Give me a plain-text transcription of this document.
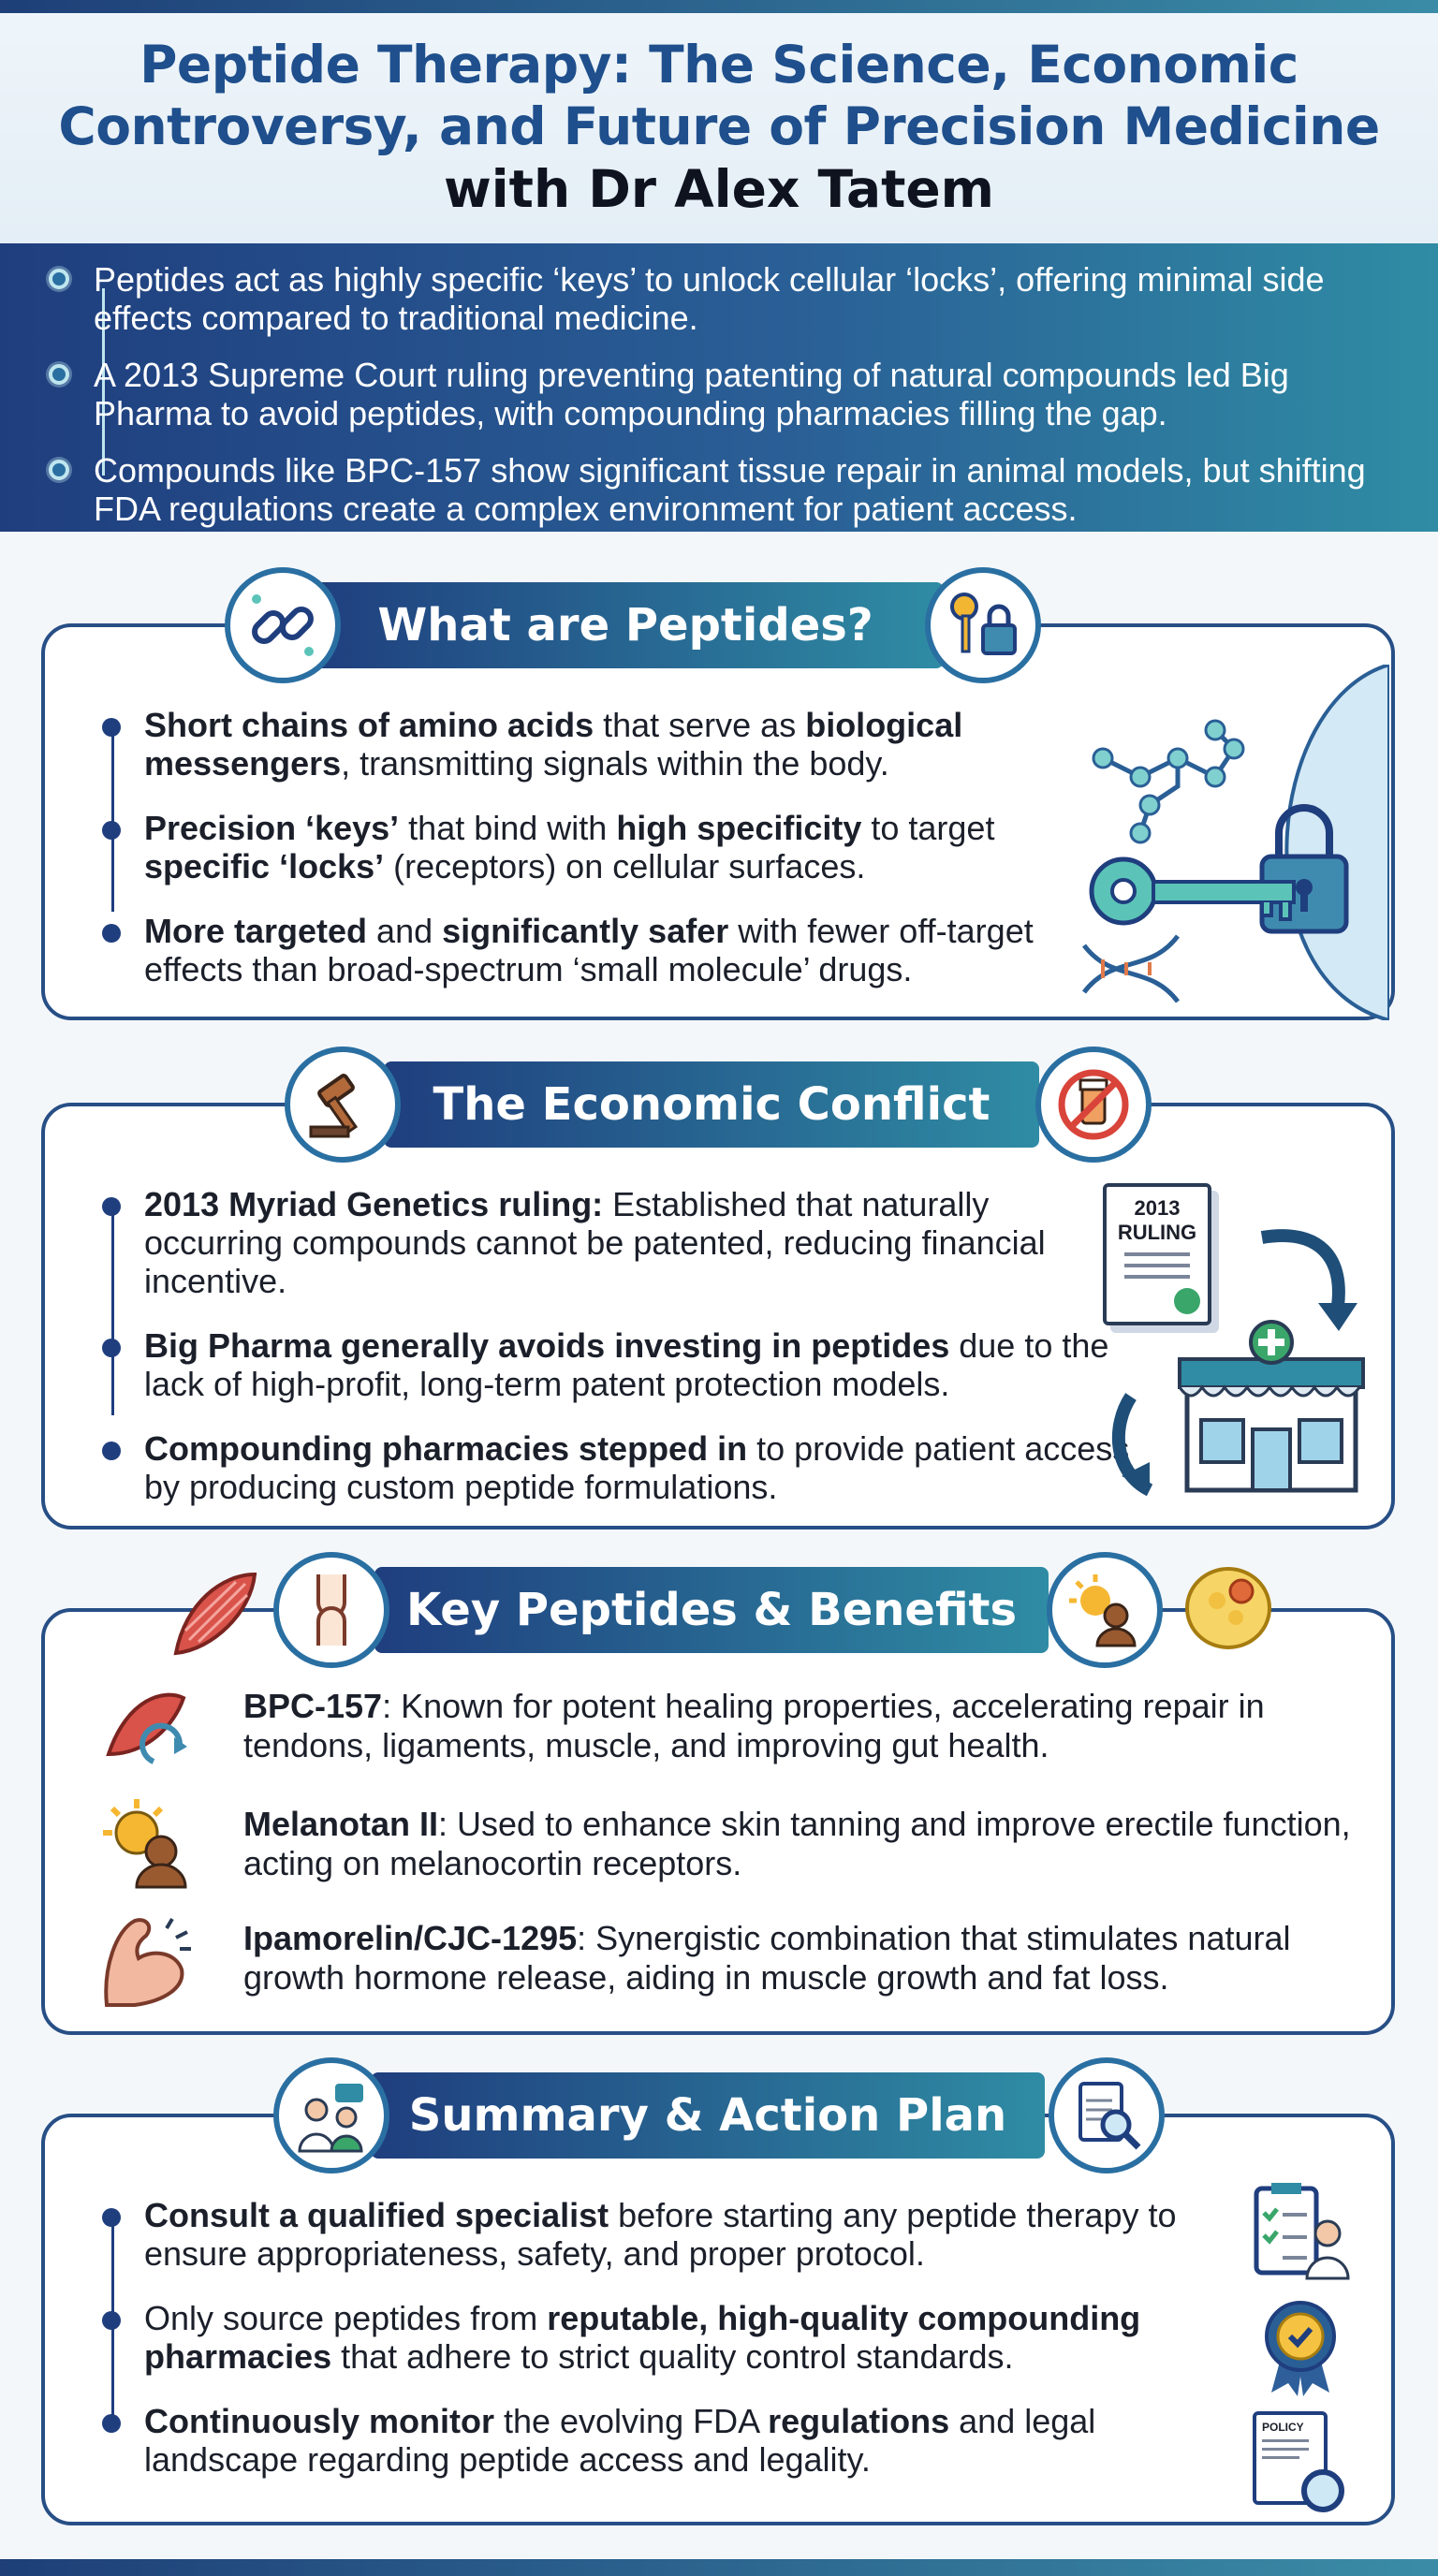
Peptide Therapy: The Science, Economic
Controversy, and Future of Precision Medicine
with Dr Alex Tatem
Peptides act as highly specific ‘keys’ to unlock cellular ‘locks’, offering minimal side effects compared to traditional medicine.
A 2013 Supreme Court ruling preventing patenting of natural compounds led Big Pharma to avoid peptides, with compounding pharmacies filling the gap.
Compounds like BPC-157 show significant tissue repair in animal models, but shifting FDA regulations create a complex environment for patient access.
Short chains of amino acids that serve as biological messengers, transmitting signals within the body.
Precision ‘keys’ that bind with high specificity to target specific ‘locks’ (receptors) on cellular surfaces.
More targeted and significantly safer with fewer off-target effects than broad-spectrum ‘small molecule’ drugs.
What are Peptides?
2013 Myriad Genetics ruling: Established that naturally occurring compounds cannot be patented, reducing financial incentive.
Big Pharma generally avoids investing in peptides due to the lack of high-profit, long-term patent protection models.
Compounding pharmacies stepped in to provide patient access by producing custom peptide formulations.
2013
RULING
The Economic Conflict
BPC-157: Known for potent healing properties, accelerating repair in tendons, ligaments, muscle, and improving gut health.
Melanotan II: Used to enhance skin tanning and improve erectile function, acting on melanocortin receptors.
Ipamorelin/CJC-1295: Synergistic combination that stimulates natural growth hormone release, aiding in muscle growth and fat loss.
Key Peptides & Benefits
Consult a qualified specialist before starting any peptide therapy to ensure appropriateness, safety, and proper protocol.
Only source peptides from reputable, high-quality compounding pharmacies that adhere to strict quality control standards.
Continuously monitor the evolving FDA regulations and legal landscape regarding peptide access and legality.
POLICY
Summary & Action Plan
